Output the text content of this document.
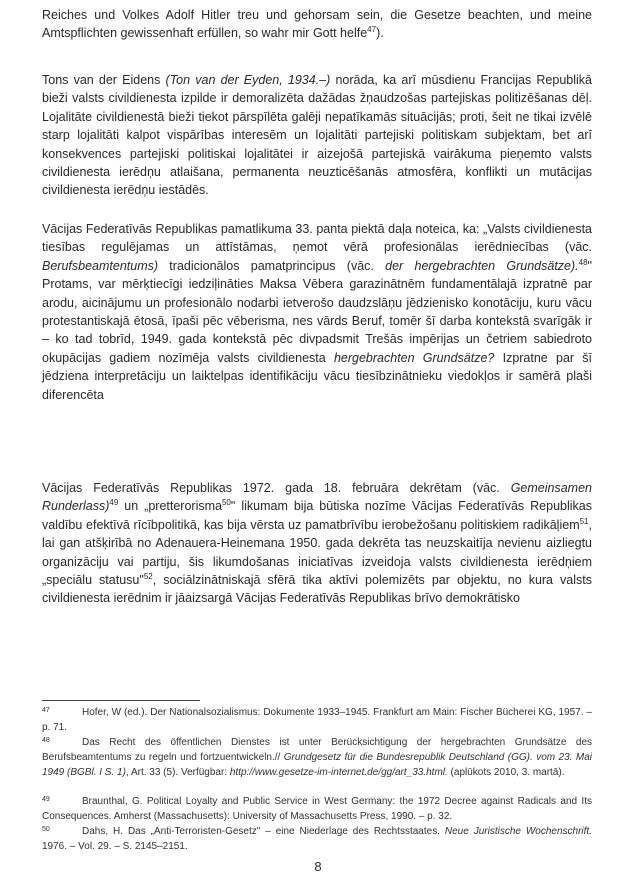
Reiches und Volkes Adolf Hitler treu und gehorsam sein, die Gesetze beachten, und meine Amtspflichten gewissenhaft erfüllen, so wahr mir Gott helfe$^{47}$).

Tons van der Eidens (Ton van der Eyden, 1934.–) norāda, ka arī mūsdienu Francijas Republikā bieži valsts civildienesta izpilde ir demoralizēta dažādas žņaudzošas partejiskas politizēšanas dēļ. Lojalitāte civildienestā bieži tiekot pārspīlēta galēji nepatīkamās situācijās; proti, šeit ne tikai izvēlē starp lojalitāti kalpot vispārības interesēm un lojalitāti partejiski politiskam subjektam, bet arī konsekvences partejiski politiskai lojalitātei ir aizejošā partejiskā vairākuma pieņemto valsts civildienesta ierēdņu atlaišana, permanenta neuzticēšanās atmosfēra, konflikti un mutācijas civildienesta ierēdņu iestādēs.

Vācijas Federatīvās Republikas pamatlikuma 33. panta piektā daļa noteica, ka: „Valsts civildienesta tiesības regulējamas un attīstāmas, ņemot vērā profesionālas ierēdniecības (vāc. Berufsbeamtentums) tradicionālos pamatprincipus (vāc. der hergebrachten Grundsätze).$^{48}$" Protams, var mērķtiecīgi iedziļināties Maksa Vēbera garazinātnēm fundamentālajā izpratnē par arodu, aicinājumu un profesionālo nodarbi ietverošo daudzslāņu jēdzienisko konotāciju, kuru vācu protestantiskajā ētosā, īpaši pēc vēberisma, nes vārds Beruf, tomēr šī darba kontekstā svarīgāk ir – ko tad tobrīd, 1949. gada kontekstā pēc divpadsmit Trešās impērijas un četriem sabiedroto okupācijas gadiem nozīmēja valsts civildienesta hergebrachten Grundsätze? Izpratne par šī jēdziena interpretāciju un laiktelpas identifikāciju vācu tiesībzinātnieku viedokļos ir samērā plaši diferencēta

Vācijas Federatīvās Republikas 1972. gada 18. februāra dekrētam (vāc. Gemeinsamen Runderlass)$^{49}$ un „pretterorisma$^{50}$" likumam bija būtiska nozīme Vācijas Federatīvās Republikas valdību efektīvā rīcībpolitikā, kas bija vērsta uz pamatbrīvību ierobežošanu politiskiem radikāļiem$^{51}$, lai gan atšķirībā no Adenauera-Heinemana 1950. gada dekrēta tas neuzskaitīja nevienu aizliegtu organizāciju vai partiju, šis likumdošanas iniciatīvas izveidoja valsts civildienesta ierēdņiem „speciālu statusu"$^{52}$, sociālzinātniskajā sfērā tika aktīvi polemizēts par objektu, no kura valsts civildienesta ierēdnim ir jāaizsargā Vācijas Federatīvās Republikas brīvo demokrātisko

47	Hofer, W (ed.). Der Nationalsozialismus: Dokumente 1933–1945. Frankfurt am Main: Fischer Bücherei KG, 1957. – p. 71.

48	Das Recht des öffentlichen Dienstes ist unter Berücksichtigung der hergebrachten Grundsätze des Berufsbeamtentums zu regeln und fortzuentwickeln.// Grundgesetz für die Bundesrepublik Deutschland (GG). vom 23. Mai 1949 (BGBl. I S. 1), Art. 33 (5). Verfügbar: http://www.gesetze-im-internet.de/gg/art_33.html. (aplūkots 2010, 3. martā).

49	Braunthal, G. Political Loyalty and Public Service in West Germany: the 1972 Decree against Radicals and Its Consequences. Amherst (Massachusetts): University of Massachusetts Press, 1990. – p. 32.

50	Dahs, H. Das „Anti-Terroristen-Gesetz" – eine Niederlage des Rechtsstaates. Neue Juristische Wochenschrift. 1976. – Vol. 29. – S. 2145–2151.

8
